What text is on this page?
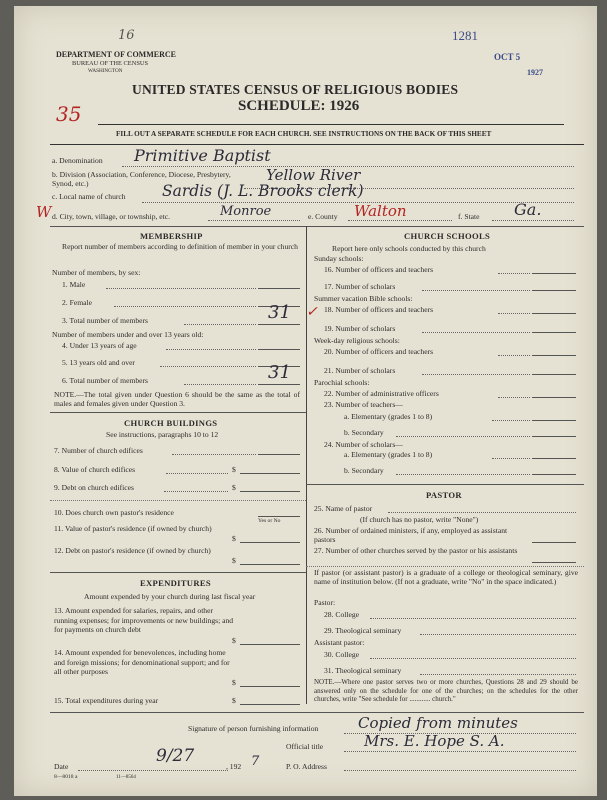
DEPARTMENT OF COMMERCE
BUREAU OF THE CENSUS
WASHINGTON
16	1281
OCT 5
1927
UNITED STATES CENSUS OF RELIGIOUS BODIES
SCHEDULE: 1926
35
FILL OUT A SEPARATE SCHEDULE FOR EACH CHURCH. SEE INSTRUCTIONS ON THE BACK OF THIS SHEET
a. Denomination Primitive Baptist
b. Division (Association, Conference, Diocese, Presbytery, Synod, etc.)	Yellow River
c. Local name of church Sardis (J. L. Brooks clerk)
W d. City, town, village, or township, etc.	Monroe	e. County Walton	f. State Ga.
MEMBERSHIP
Report number of members according to definition of member in your church
Number of members, by sex:
1. Male
2. Female
3. Total number of members	31 ✓
Number of members under and over 13 years old:
4. Under 13 years of age
5. 13 years old and over
6. Total number of members	31
NOTE.—The total given under Question 6 should be the same as the total of males and females given under Question 3.
CHURCH BUILDINGS
See instructions, paragraphs 10 to 12
7. Number of church edifices
8. Value of church edifices	$
9. Debt on church edifices	$
10. Does church own pastor's residence
Yes or No
11. Value of pastor's residence (if owned by church)
$
12. Debt on pastor's residence (if owned by church)
$
EXPENDITURES
Amount expended by your church during last fiscal year
13. Amount expended for salaries, repairs, and other running expenses; for improvements or new buildings; and for payments on church debt
$
14. Amount expended for benevolences, including home and foreign missions; for denominational support; and for all other purposes
$
15. Total expenditures during year	$
CHURCH SCHOOLS
Report here only schools conducted by this church
Sunday schools:
16. Number of officers and teachers
17. Number of scholars
Summer vacation Bible schools:
18. Number of officers and teachers
19. Number of scholars
Week-day religious schools:
20. Number of officers and teachers
21. Number of scholars
Parochial schools:
22. Number of administrative officers
23. Number of teachers—
a. Elementary (grades 1 to 8)
b. Secondary
24. Number of scholars—
a. Elementary (grades 1 to 8)
b. Secondary
PASTOR
25. Name of pastor
(If church has no pastor, write "None")
26. Number of ordained ministers, if any, employed as assistant pastors
27. Number of other churches served by the pastor or his assistants
If pastor (or assistant pastor) is a graduate of a college or theological seminary, give name of institution below. (If not a graduate, write "No" in the space indicated.)
Pastor:
28. College
29. Theological seminary
Assistant pastor:
30. College
31. Theological seminary
NOTE.—Where one pastor serves two or more churches, Questions 28 and 29 should be answered only on the schedule for one of the churches; on the schedules for the other churches, write "See schedule for ............ church."
Signature of person furnishing information	Copied from minutes
Official title	Mrs. E. Hope S. A.
Date
9/27
, 192 7	P. O. Address
8—8018 a	11—8564
